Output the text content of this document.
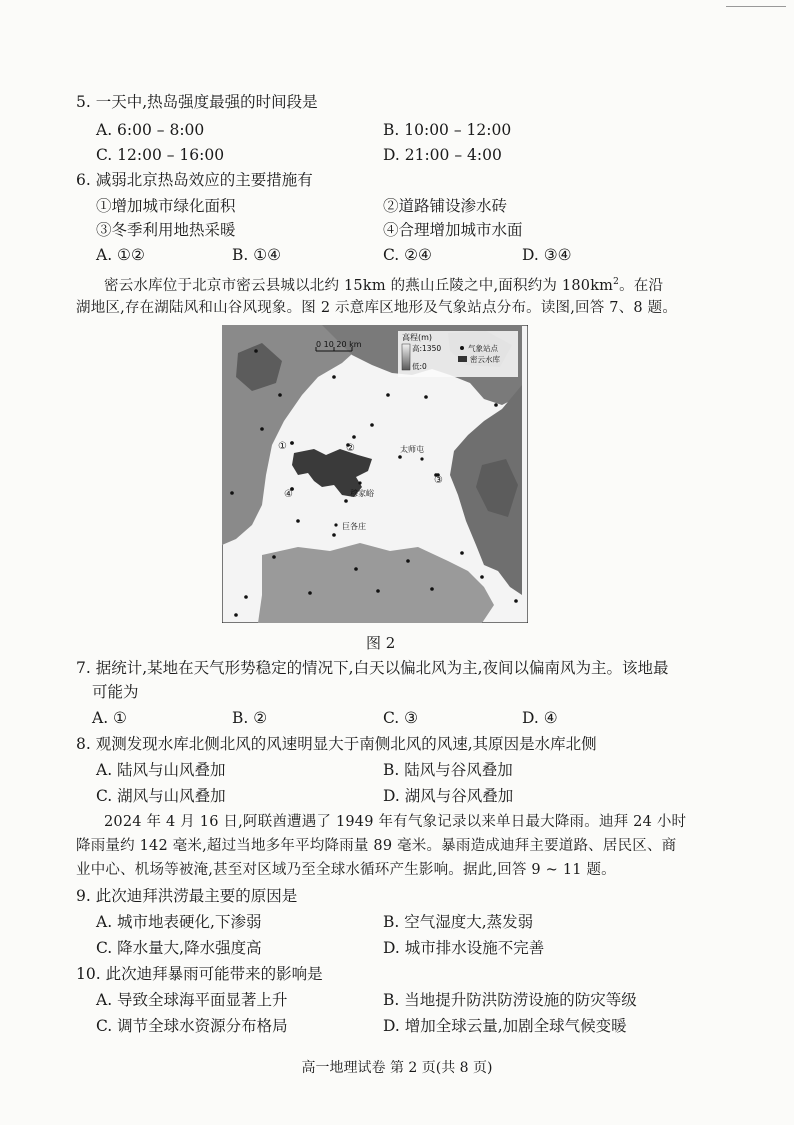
5. 一天中,热岛强度最强的时间段是
A. 6:00 – 8:00	B. 10:00 – 12:00
C. 12:00 – 16:00	D. 21:00 – 4:00
6. 减弱北京热岛效应的主要措施有
①增加城市绿化面积	②道路铺设渗水砖
③冬季利用地热采暖	④合理增加城市水面
A. ①②	B. ①④	C. ②④	D. ③④
密云水库位于北京市密云县城以北约 15km 的燕山丘陵之中,面积约为 $180km^2$。在沿
湖地区,存在湖陆风和山谷风现象。图 2 示意库区地形及气象站点分布。读图,回答 7、8 题。
0 10 20 km
高程(m)
高:1350
低:0
气象站点
密云水库
①	②
③
④
太师屯
穆家峪
巨各庄
图 2
7. 据统计,某地在天气形势稳定的情况下,白天以偏北风为主,夜间以偏南风为主。该地最
可能为
A. ①	B. ②	C. ③	D. ④
8. 观测发现水库北侧北风的风速明显大于南侧北风的风速,其原因是水库北侧
A. 陆风与山风叠加	B. 陆风与谷风叠加
C. 湖风与山风叠加	D. 湖风与谷风叠加
2024 年 4 月 16 日,阿联酋遭遇了 1949 年有气象记录以来单日最大降雨。迪拜 24 小时
降雨量约 142 毫米,超过当地多年平均降雨量 89 毫米。暴雨造成迪拜主要道路、居民区、商
业中心、机场等被淹,甚至对区域乃至全球水循环产生影响。据此,回答 9 ~ 11 题。
9. 此次迪拜洪涝最主要的原因是
A. 城市地表硬化,下渗弱	B. 空气湿度大,蒸发弱
C. 降水量大,降水强度高	D. 城市排水设施不完善
10. 此次迪拜暴雨可能带来的影响是
A. 导致全球海平面显著上升	B. 当地提升防洪防涝设施的防灾等级
C. 调节全球水资源分布格局	D. 增加全球云量,加剧全球气候变暖
高一地理试卷 第 2 页(共 8 页)
